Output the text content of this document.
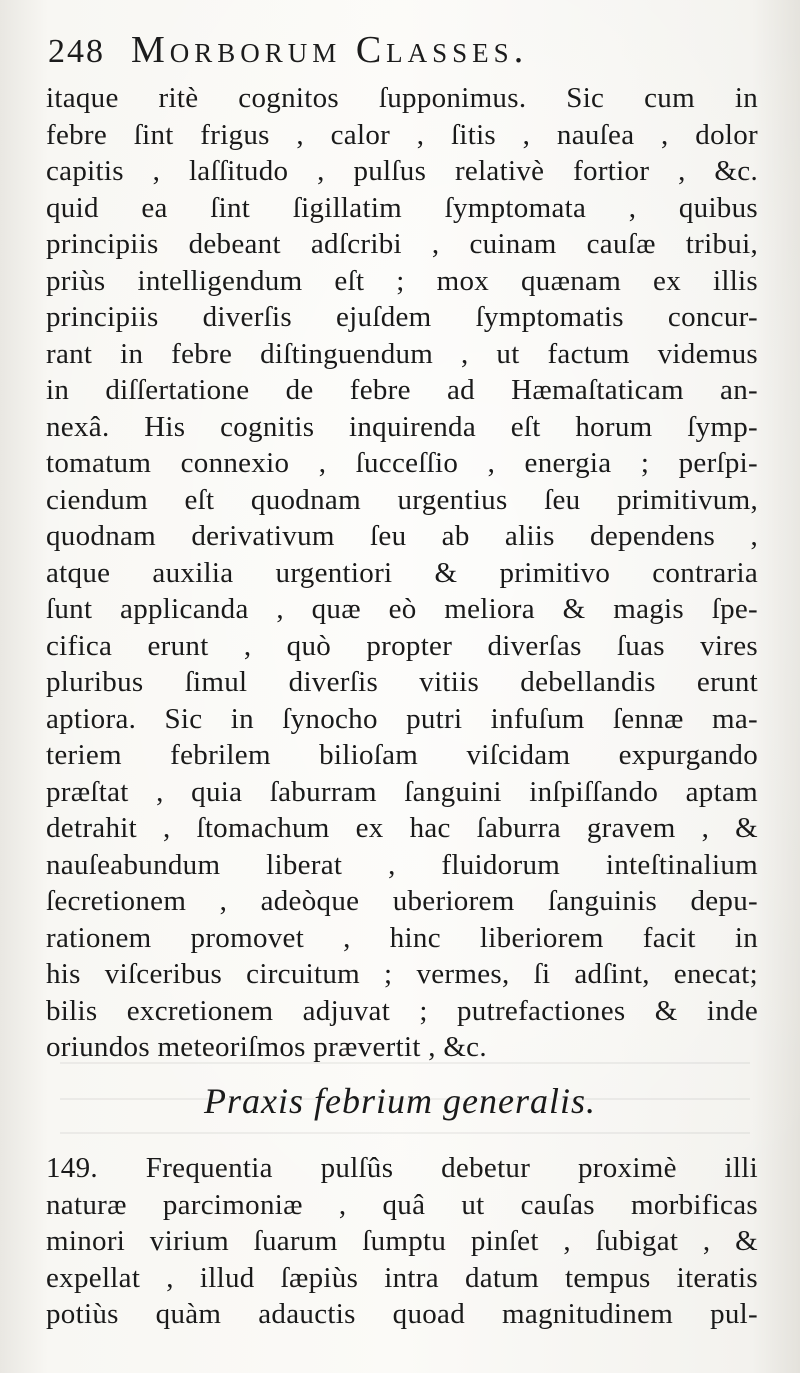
248 Morborum Classes.
itaque ritè cognitos ſupponimus. Sic cum in
febre ſint frigus , calor , ſitis , nauſea , dolor
capitis , laſſitudo , pulſus relativè fortior , &c.
quid ea ſint ſigillatim ſymptomata , quibus
principiis debeant adſcribi , cuinam cauſæ tribui,
priùs intelligendum eſt ; mox quænam ex illis
principiis diverſis ejuſdem ſymptomatis concur-
rant in febre diſtinguendum , ut factum videmus
in diſſertatione de febre ad Hæmaſtaticam an-
nexâ. His cognitis inquirenda eſt horum ſymp-
tomatum connexio , ſucceſſio , energia ; perſpi-
ciendum eſt quodnam urgentius ſeu primitivum,
quodnam derivativum ſeu ab aliis dependens ,
atque auxilia urgentiori & primitivo contraria
ſunt applicanda , quæ eò meliora & magis ſpe-
cifica erunt , quò propter diverſas ſuas vires
pluribus ſimul diverſis vitiis debellandis erunt
aptiora. Sic in ſynocho putri infuſum ſennæ ma-
teriem febrilem bilioſam viſcidam expurgando
præſtat , quia ſaburram ſanguini inſpiſſando aptam
detrahit , ſtomachum ex hac ſaburra gravem , &
nauſeabundum liberat , fluidorum inteſtinalium
ſecretionem , adeòque uberiorem ſanguinis depu-
rationem promovet , hinc liberiorem facit in
his viſceribus circuitum ; vermes, ſi adſint, enecat;
bilis excretionem adjuvat ; putrefactiones & inde
oriundos meteoriſmos prævertit , &c.
Praxis febrium generalis.
149. Frequentia pulſûs debetur proximè illi
naturæ parcimoniæ , quâ ut cauſas morbificas
minori virium ſuarum ſumptu pinſet , ſubigat , &
expellat , illud ſæpiùs intra datum tempus iteratis
potiùs quàm adauctis quoad magnitudinem pul-
